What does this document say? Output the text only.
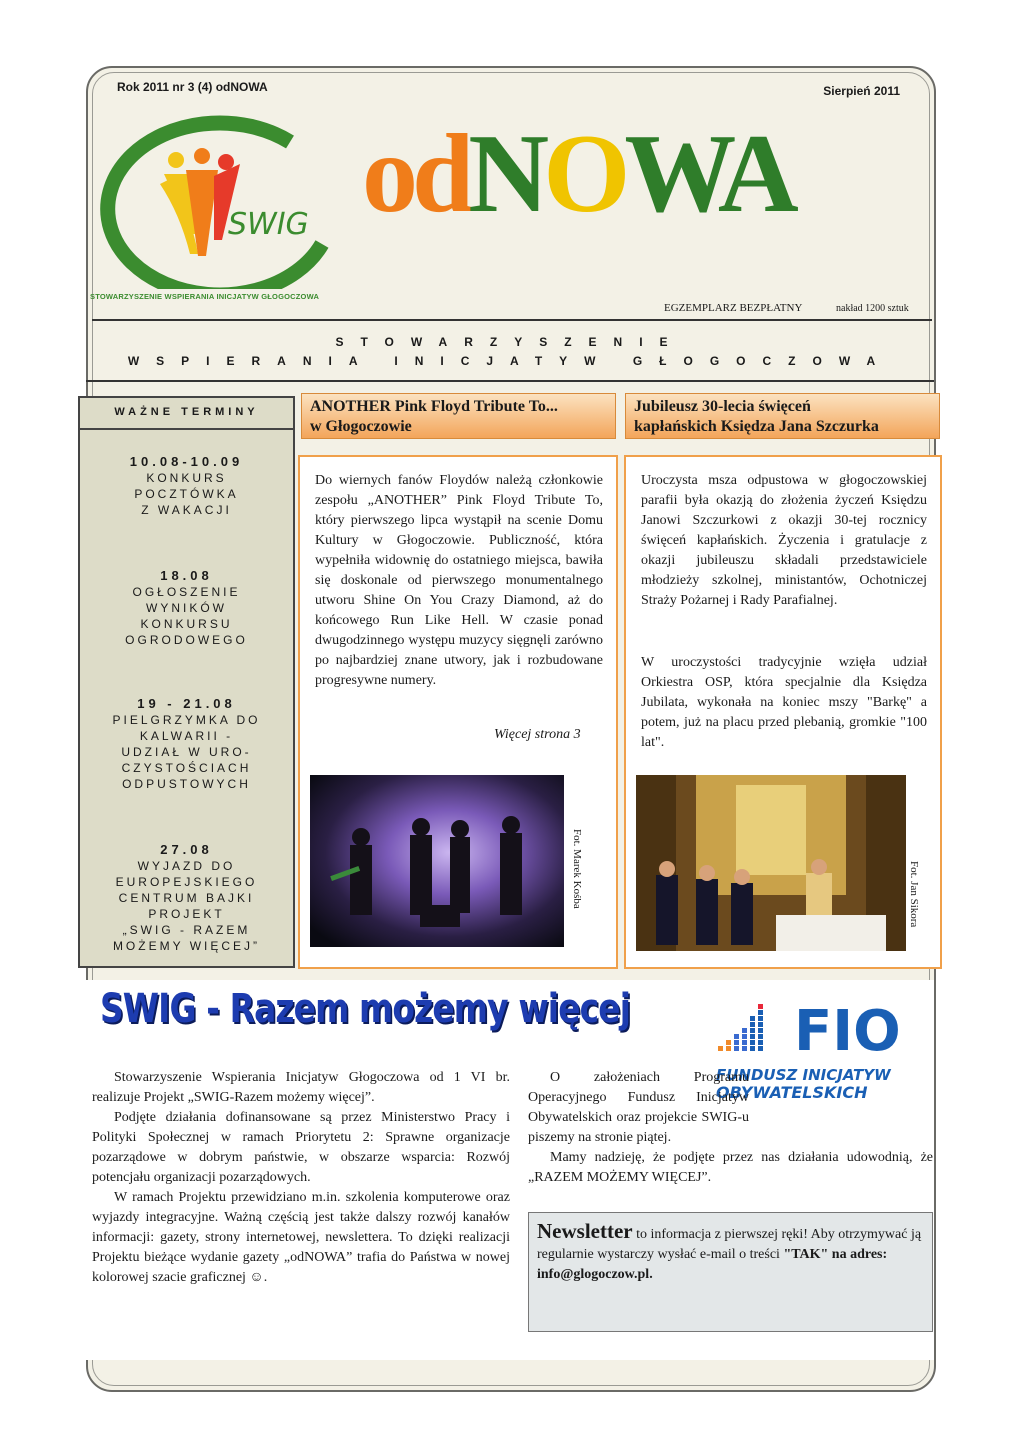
Rok 2011 nr 3 (4) odNOWA	Sierpień 2011
SWIG
STOWARZYSZENIE WSPIERANIA INICJATYW GŁOGOCZOWA
odNOWA
EGZEMPLARZ BEZPŁATNY	nakład 1200 sztuk
STOWARZYSZENIE
WSPIERANIA INICJATYW GŁOGOCZOWA
WAŻNE TERMINY
10.08-10.09
KONKURS
POCZTÓWKA
Z WAKACJI
18.08
OGŁOSZENIE
WYNIKÓW
KONKURSU
OGRODOWEGO
19 - 21.08
PIELGRZYMKA DO
KALWARII -
UDZIAŁ W URO-
CZYSTOŚCIACH
ODPUSTOWYCH
27.08
WYJAZD DO
EUROPEJSKIEGO
CENTRUM BAJKI
PROJEKT
„SWIG - RAZEM
MOŻEMY WIĘCEJ”
ANOTHER Pink Floyd Tribute To...
w Głogoczowie
Do wiernych fanów Floydów należą członkowie zespołu „ANOTHER” Pink Floyd Tribute To, który pierwszego lipca wystąpił na scenie Domu Kultury w Głogoczowie. Publiczność, która wypełniła widownię do ostatniego miejsca, bawiła się doskonale od pierwszego monumentalnego utworu Shine On You Crazy Diamond, aż do końcowego Run Like Hell. W czasie ponad dwugodzinnego występu muzycy sięgnęli zarówno po najbardziej znane utwory, jak i rozbudowane progresywne numery.
Więcej strona 3
Fot. Marek Kośba
Jubileusz 30-lecia święceń
kapłańskich Księdza Jana Szczurka
Uroczysta msza odpustowa w głogoczowskiej parafii była okazją do złożenia życzeń Księdzu Janowi Szczurkowi z okazji 30-tej rocznicy święceń kapłańskich. Życzenia i gratulacje z okazji jubileuszu składali przedstawiciele młodzieży szkolnej, ministantów, Ochotniczej Straży Pożarnej i Rady Parafialnej.
W uroczystości tradycyjnie wzięła udział Orkiestra OSP, która specjalnie dla Księdza Jubilata, wykonała na koniec mszy "Barkę" a potem, już na placu przed plebanią, gromkie "100 lat".
Fot. Jan Sikora
SWIG - Razem możemy więcej	FIO
FUNDUSZ INICJATYW
OBYWATELSKICH

Stowarzyszenie Wspierania Inicjatyw Głogoczowa od 1 VI br. realizuje Projekt „SWIG-Razem możemy więcej”.

Podjęte działania dofinansowane są przez Ministerstwo Pracy i Polityki Społecznej w ramach Priorytetu 2: Sprawne organizacje pozarządowe w dobrym państwie, w obszarze wsparcia: Rozwój potencjału organizacji pozarządowych.

W ramach Projektu przewidziano m.in. szkolenia komputerowe oraz wyjazdy integracyjne. Ważną częścią jest także dalszy rozwój kanałów informacji: gazety, strony internetowej, newslettera. To dzięki realizacji Projektu bieżące wydanie gazety „odNOWA” trafia do Państwa w nowej kolorowej szacie graficznej ☺.

O założeniach Programu Operacyjnego Fundusz Inicjatyw Obywatelskich oraz projekcie SWIG-u piszemy na stronie piątej.

Mamy nadzieję, że podjęte przez nas działania udowodnią, że „RAZEM MOŻEMY WIĘCEJ”.

Newsletter to informacja z pierwszej ręki! Aby otrzymywać ją regularnie wystarczy wysłać e-mail o treści "TAK" na adres: info@glogoczow.pl.
